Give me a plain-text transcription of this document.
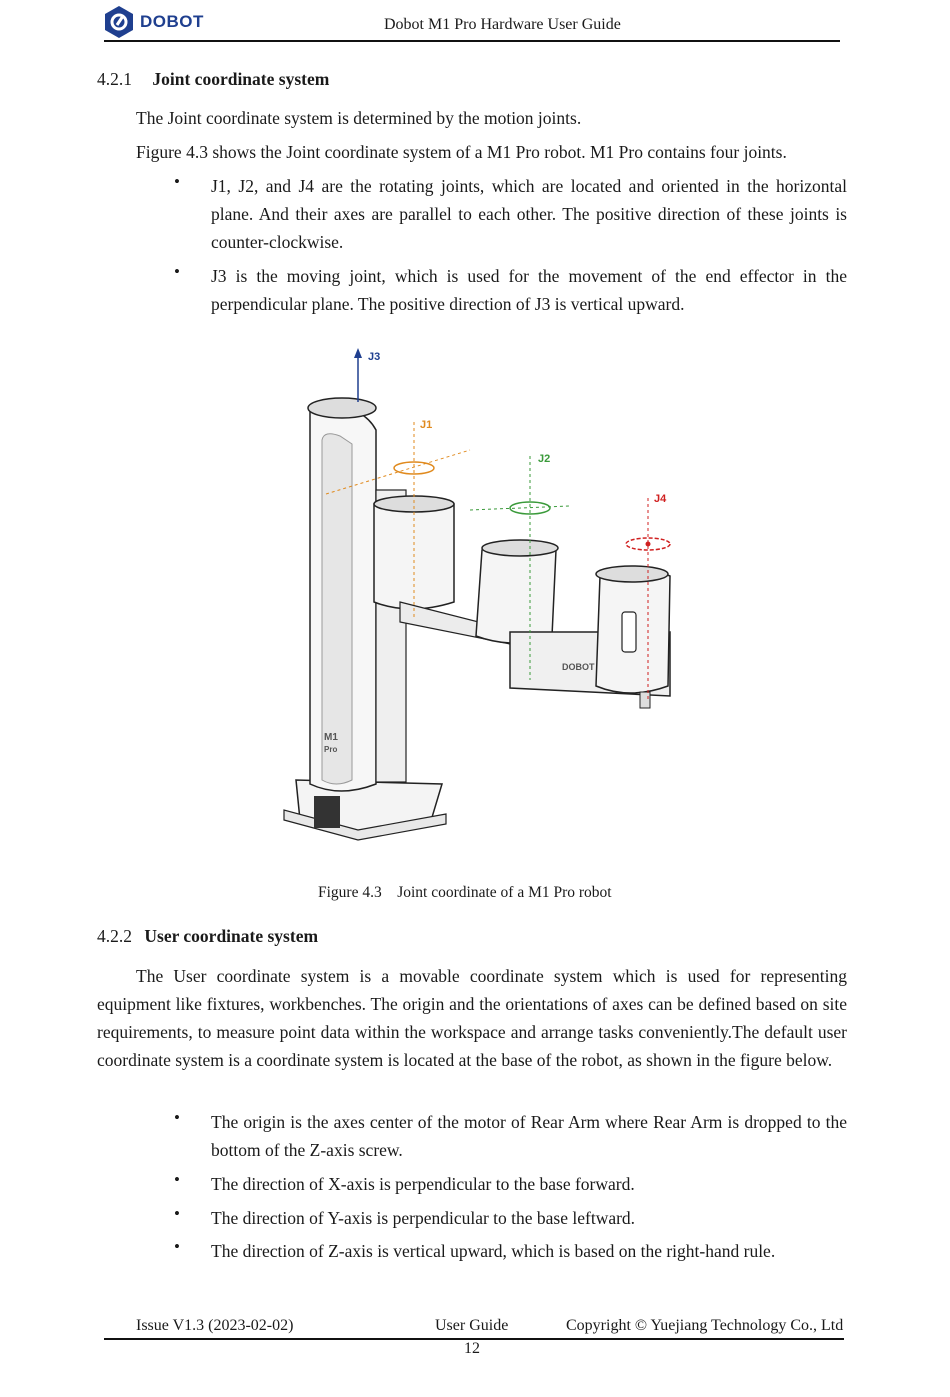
DOBOT	Dobot M1 Pro Hardware User Guide
4.2.1 Joint coordinate system
The Joint coordinate system is determined by the motion joints.
Figure 4.3 shows the Joint coordinate system of a M1 Pro robot. M1 Pro contains four joints.
• J1, J2, and J4 are the rotating joints, which are located and oriented in the horizontal plane. And their axes are parallel to each other. The positive direction of these joints is counter-clockwise.
• J3 is the moving joint, which is used for the movement of the end effector in the perpendicular plane. The positive direction of J3 is vertical upward.
DOBOT
M1
Pro
J3
J1
J2
J4
Figure 4.3    Joint coordinate of a M1 Pro robot
4.2.2 User coordinate system
The User coordinate system is a movable coordinate system which is used for representing equipment like fixtures, workbenches. The origin and the orientations of axes can be defined based on site requirements, to measure point data within the workspace and arrange tasks conveniently.The default user coordinate system is a coordinate system is located at the base of the robot, as shown in the figure below.
• The origin is the axes center of the motor of Rear Arm where Rear Arm is dropped to the bottom of the Z-axis screw.
• The direction of X-axis is perpendicular to the base forward.
• The direction of Y-axis is perpendicular to the base leftward.
• The direction of Z-axis is vertical upward, which is based on the right-hand rule.
Issue V1.3 (2023-02-02)	User Guide	Copyright © Yuejiang Technology Co., Ltd
12
